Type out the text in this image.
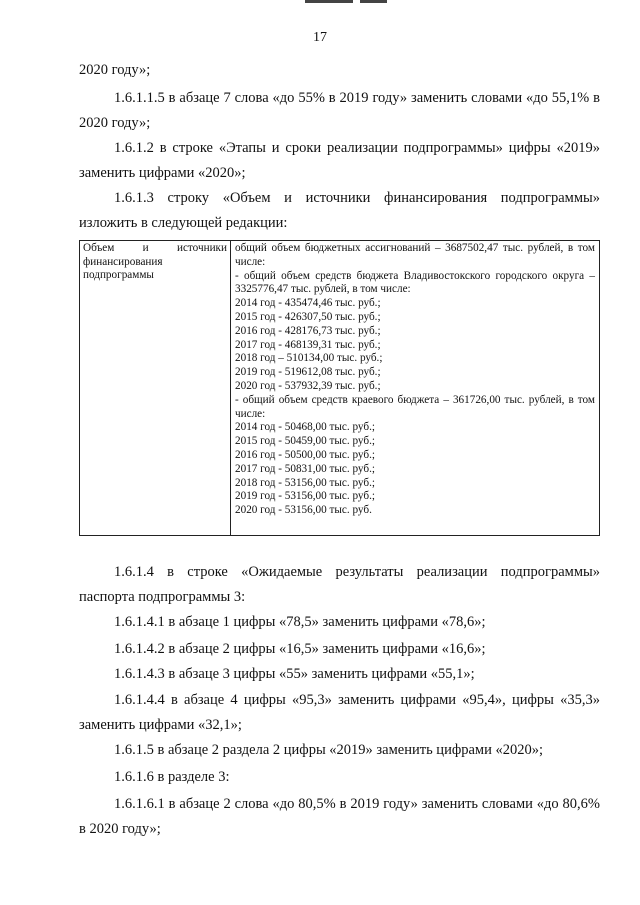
17
2020 году»;
1.6.1.1.5 в абзаце 7 слова «до 55% в 2019 году» заменить словами «до 55,1% в 2020 году»;
1.6.1.2 в строке «Этапы и сроки реализации подпрограммы» цифры «2019» заменить цифрами «2020»;
1.6.1.3 строку «Объем и источники финансирования подпрограммы» изложить в следующей редакции:
Объем	и	источники
финансирования
подпрограммы
общий объем бюджетных ассигнований – 3687502,47 тыс. рублей, в том числе:
- общий объем средств бюджета Владивостокского городского округа – 3325776,47 тыс. рублей, в том числе:
2014 год - 435474,46 тыс. руб.;
2015 год - 426307,50 тыс. руб.;
2016 год - 428176,73 тыс. руб.;
2017 год - 468139,31 тыс. руб.;
2018 год – 510134,00 тыс. руб.;
2019 год - 519612,08 тыс. руб.;
2020 год - 537932,39 тыс. руб.;
- общий объем средств краевого бюджета – 361726,00 тыс. рублей, в том числе:
2014 год - 50468,00 тыс. руб.;
2015 год - 50459,00 тыс. руб.;
2016 год - 50500,00 тыс. руб.;
2017 год - 50831,00 тыс. руб.;
2018 год - 53156,00 тыс. руб.;
2019 год - 53156,00 тыс. руб.;
2020 год - 53156,00 тыс. руб.
1.6.1.4 в строке «Ожидаемые результаты реализации подпрограммы» паспорта подпрограммы 3:
1.6.1.4.1 в абзаце 1 цифры «78,5» заменить цифрами «78,6»;
1.6.1.4.2 в абзаце 2 цифры «16,5» заменить цифрами «16,6»;
1.6.1.4.3 в абзаце 3 цифры «55» заменить цифрами «55,1»;
1.6.1.4.4 в абзаце 4 цифры «95,3» заменить цифрами «95,4», цифры «35,3» заменить цифрами «32,1»;
1.6.1.5 в абзаце 2 раздела 2 цифры «2019» заменить цифрами «2020»;
1.6.1.6 в разделе 3:
1.6.1.6.1 в абзаце 2 слова «до 80,5% в 2019 году» заменить словами «до 80,6% в 2020 году»;
